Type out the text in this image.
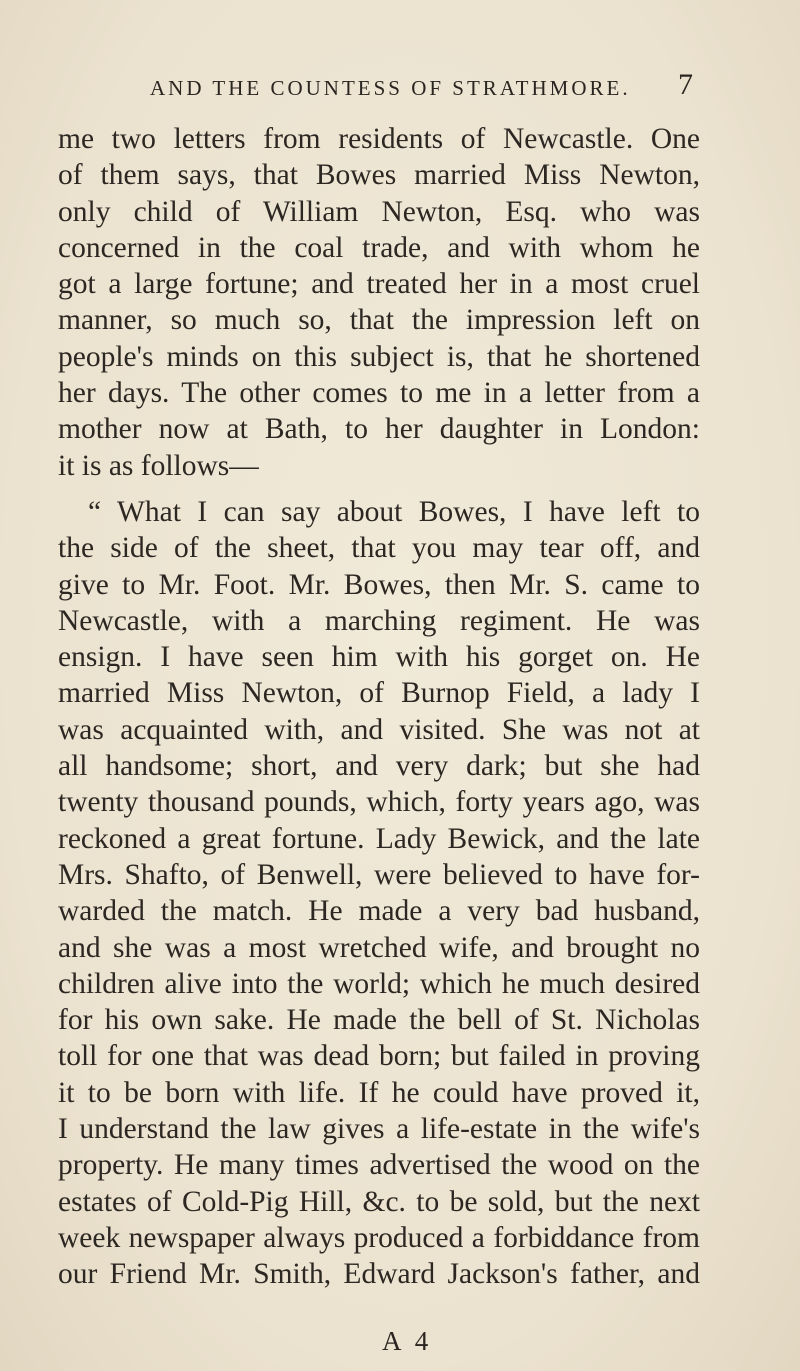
AND THE COUNTESS OF STRATHMORE. 7
me two letters from residents of Newcastle. One
of them says, that Bowes married Miss Newton,
only child of William Newton, Esq. who was
concerned in the coal trade, and with whom he
got a large fortune; and treated her in a most cruel
manner, so much so, that the impression left on
people's minds on this subject is, that he shortened
her days. The other comes to me in a letter from a
mother now at Bath, to her daughter in London:
it is as follows—
“ What I can say about Bowes, I have left to
the side of the sheet, that you may tear off, and
give to Mr. Foot. Mr. Bowes, then Mr. S. came to
Newcastle, with a marching regiment. He was
ensign. I have seen him with his gorget on. He
married Miss Newton, of Burnop Field, a lady I
was acquainted with, and visited. She was not at
all handsome; short, and very dark; but she had
twenty thousand pounds, which, forty years ago, was
reckoned a great fortune. Lady Bewick, and the late
Mrs. Shafto, of Benwell, were believed to have for-
warded the match. He made a very bad husband,
and she was a most wretched wife, and brought no
children alive into the world; which he much desired
for his own sake. He made the bell of St. Nicholas
toll for one that was dead born; but failed in proving
it to be born with life. If he could have proved it,
I understand the law gives a life-estate in the wife's
property. He many times advertised the wood on the
estates of Cold-Pig Hill, &c. to be sold, but the next
week newspaper always produced a forbiddance from
our Friend Mr. Smith, Edward Jackson's father, and
A 4
